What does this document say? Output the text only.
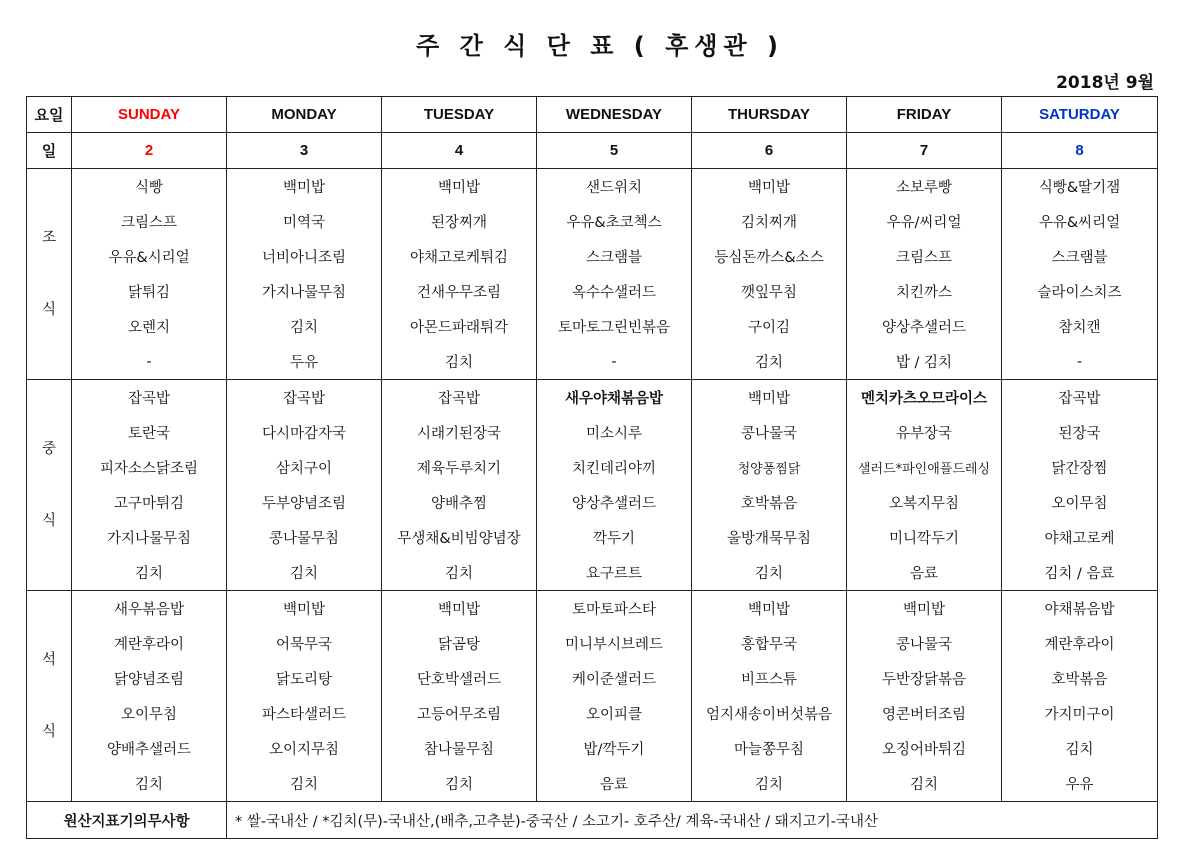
주 간 식 단 표 ( 후생관 )
2018년 9월
요일	SUNDAY	MONDAY	TUESDAY	WEDNESDAY	THURSDAY	FRIDAY	SATURDAY
일	2	3	4	5	6	7	8
조

식	식빵	백미밥	백미밥	샌드위치	백미밥	소보루빵	식빵&딸기잼

	크림스프	미역국	된장찌개	우유&초코첵스	김치찌개	우유/씨리얼	우유&씨리얼

	우유&시리얼	너비아니조림	야채고로케튀김	스크램블	등심돈까스&소스	크림스프	스크램블

	닭튀김	가지나물무침	건새우무조림	옥수수샐러드	깻잎무침	치킨까스	슬라이스치즈

	오렌지	김치	아몬드파래튀각	토마토그린빈볶음	구이김	양상추샐러드	참치캔

	-	두유	김치	-	김치	밥 / 김치	-

중

식	잡곡밥	잡곡밥	잡곡밥	새우야채볶음밥	백미밥	멘치카츠오므라이스	잡곡밥

	토란국	다시마감자국	시래기된장국	미소시루	콩나물국	유부장국	된장국

	피자소스닭조림	삼치구이	제육두루치기	치킨데리야끼	청양풍찜닭	샐러드*파인애플드레싱	닭간장찜

	고구마튀김	두부양념조림	양배추찜	양상추샐러드	호박볶음	오복지무침	오이무침

	가지나물무침	콩나물무침	무생채&비빔양념장	깍두기	울방개묵무침	미니깍두기	야채고로케

	김치	김치	김치	요구르트	김치	음료	김치 / 음료

석

식	새우볶음밥	백미밥	백미밥	토마토파스타	백미밥	백미밥	야채볶음밥

	계란후라이	어묵무국	닭곰탕	미니부시브레드	홍합무국	콩나물국	계란후라이

	닭양념조림	닭도리탕	단호박샐러드	케이준샐러드	비프스튜	두반장닭볶음	호박볶음

	오이무침	파스타샐러드	고등어무조림	오이피클	엄지새송이버섯볶음	영콘버터조림	가지미구이

	양배추샐러드	오이지무침	참나물무침	밥/깍두기	마늘쫑무침	오징어바튀김	김치

	김치	김치	김치	음료	김치	김치	우유

원산지표기의무사항		* 쌀-국내산 / *김치(무)-국내산,(배추,고추분)-중국산 / 소고기- 호주산/ 계육-국내산 / 돼지고기-국내산					
